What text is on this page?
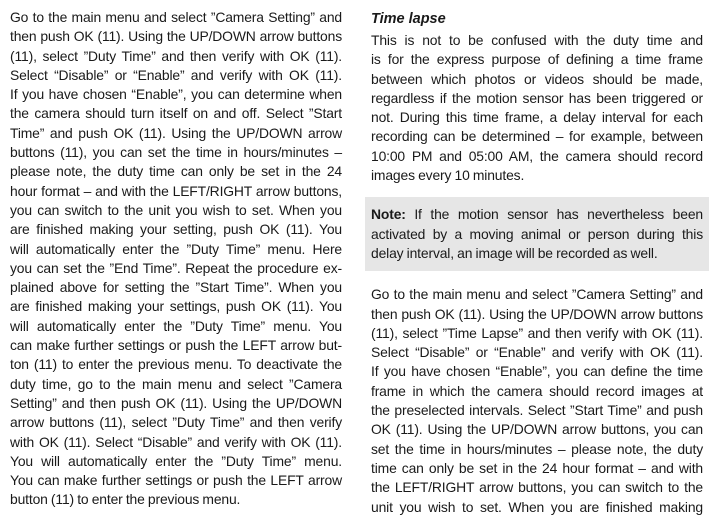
Go to the main menu and select ”Camera Setting” and
then push OK (11). Using the UP/DOWN arrow buttons
(11), select ”Duty Time” and then verify with OK (11).
Select “Disable” or “Enable” and verify with OK (11).
If you have chosen “Enable”, you can determine when
the camera should turn itself on and off. Select ”Start
Time” and push OK (11). Using the UP/DOWN arrow
buttons (11), you can set the time in hours/minutes –
please note, the duty time can only be set in the 24
hour format – and with the LEFT/RIGHT arrow buttons,
you can switch to the unit you wish to set. When you
are finished making your setting, push OK (11). You
will automatically enter the ”Duty Time” menu. Here
you can set the ”End Time”. Repeat the procedure ex-
plained above for setting the ”Start Time”. When you
are finished making your settings, push OK (11). You
will automatically enter the ”Duty Time” menu. You
can make further settings or push the LEFT arrow but-
ton (11) to enter the previous menu. To deactivate the
duty time, go to the main menu and select ”Camera
Setting” and then push OK (11). Using the UP/DOWN
arrow buttons (11), select ”Duty Time” and then verify
with OK (11). Select “Disable” and verify with OK (11).
You will automatically enter the ”Duty Time” menu.
You can make further settings or push the LEFT arrow
button (11) to enter the previous menu.
Time lapse
This is not to be confused with the duty time and
is for the express purpose of defining a time frame
between which photos or videos should be made,
regardless if the motion sensor has been triggered or
not. During this time frame, a delay interval for each
recording can be determined – for example, between
10:00 PM and 05:00 AM, the camera should record
images every 10 minutes.
Note: If the motion sensor has nevertheless been
activated by a moving animal or person during this
delay interval, an image will be recorded as well.
Go to the main menu and select ”Camera Setting” and
then push OK (11). Using the UP/DOWN arrow buttons
(11), select ”Time Lapse” and then verify with OK (11).
Select “Disable” or “Enable” and verify with OK (11).
If you have chosen “Enable”, you can define the time
frame in which the camera should record images at
the preselected intervals. Select ”Start Time” and push
OK (11). Using the UP/DOWN arrow buttons, you can
set the time in hours/minutes – please note, the duty
time can only be set in the 24 hour format – and with
the LEFT/RIGHT arrow buttons, you can switch to the
unit you wish to set. When you are finished making
